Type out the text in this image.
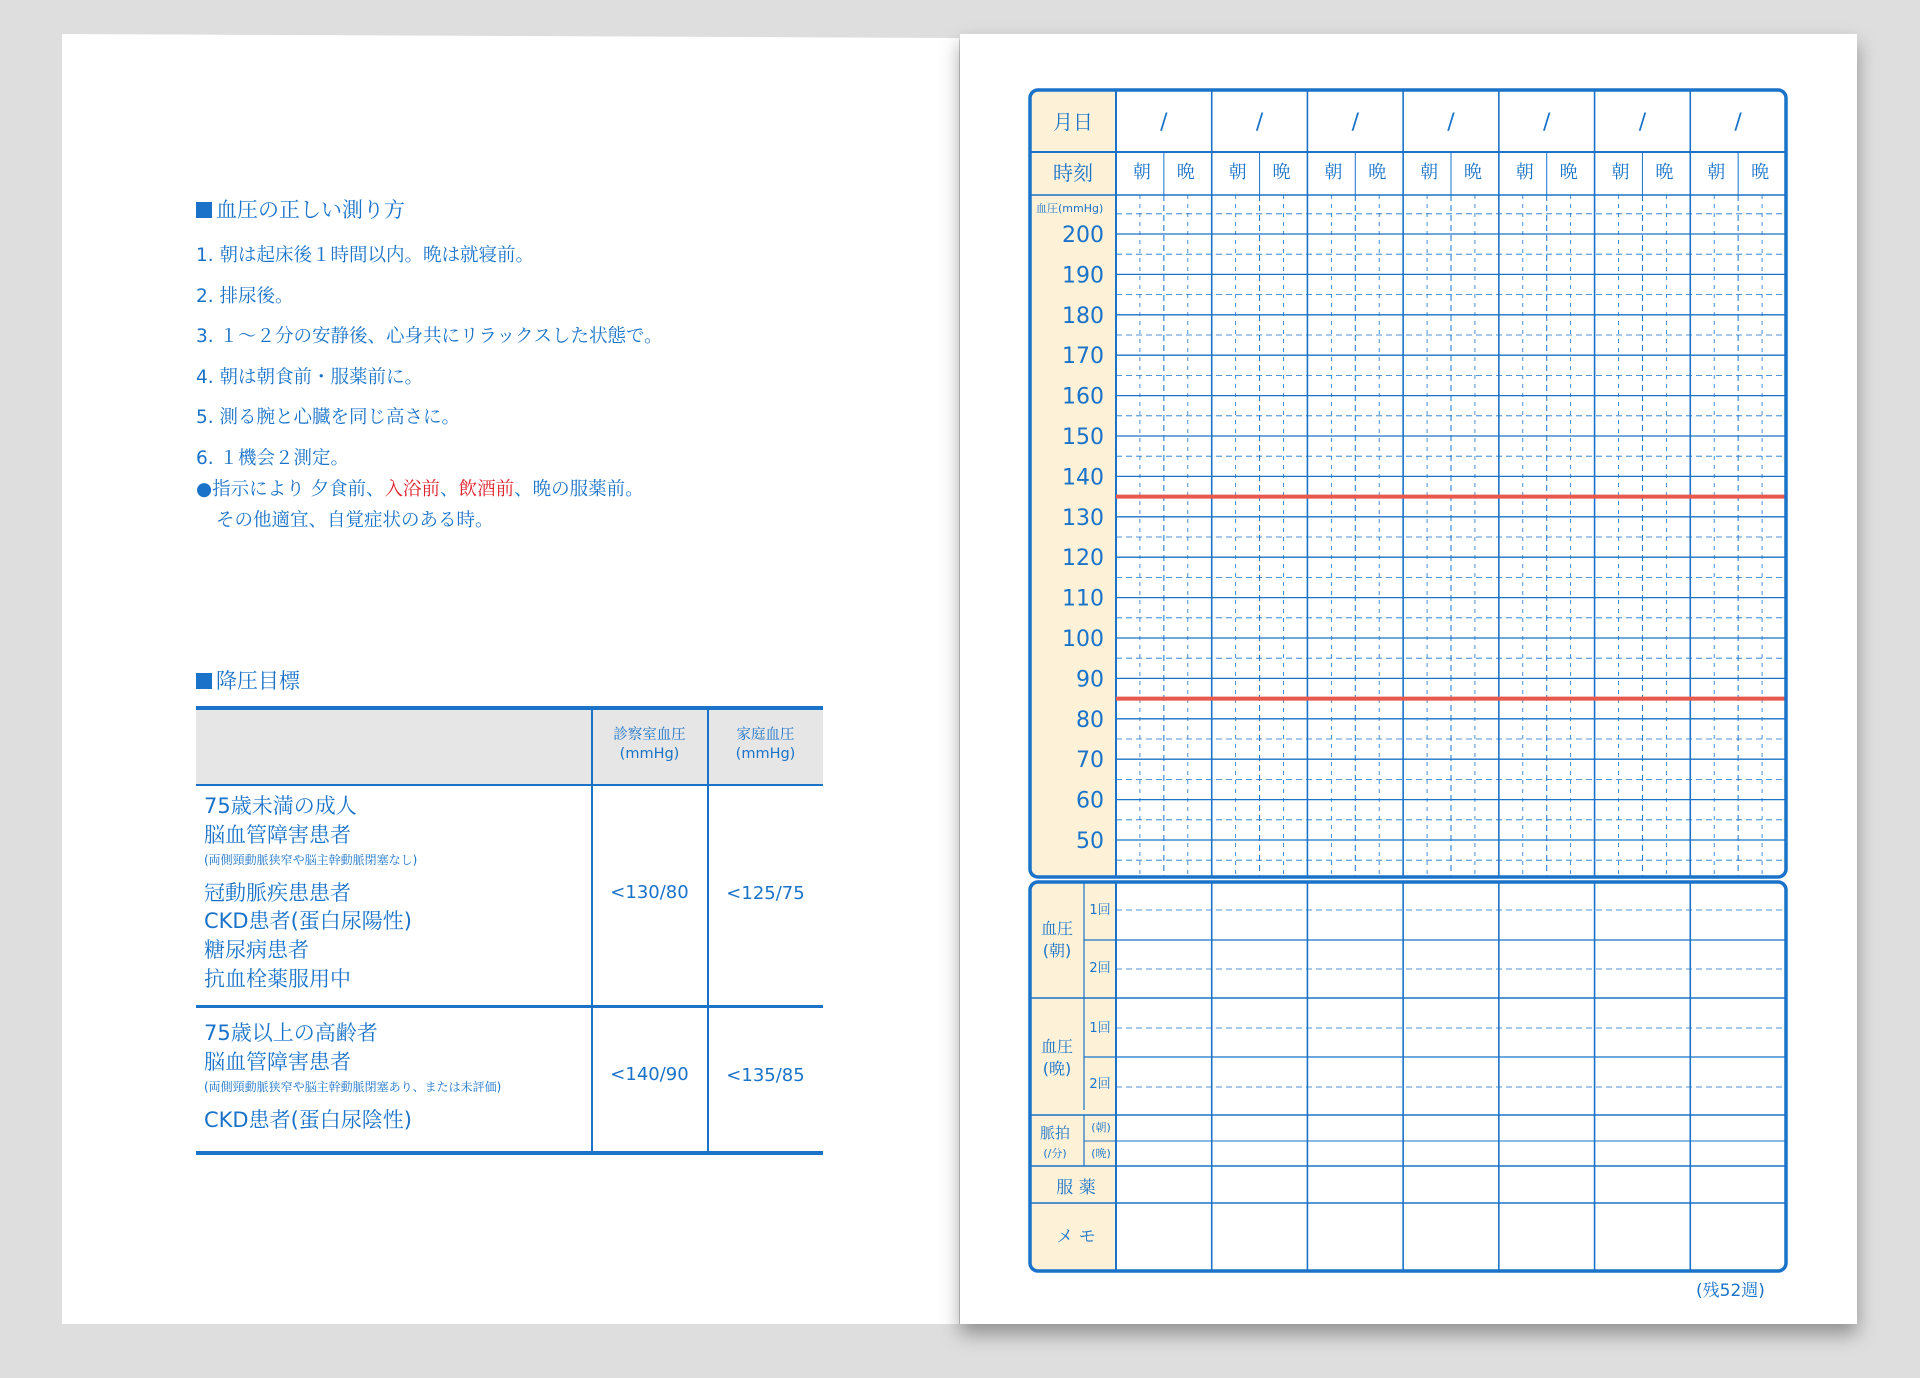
血圧の正しい測り方
1. 朝は起床後１時間以内。晩は就寝前。
2. 排尿後。
3. １～２分の安静後、心身共にリラックスした状態で。
4. 朝は朝食前・服薬前に。
5. 測る腕と心臓を同じ高さに。
6. １機会２測定。
●指示により 夕食前、入浴前、飲酒前、晩の服薬前。
その他適宜、自覚症状のある時。
降圧目標
診察室血圧
(mmHg)
家庭血圧
(mmHg)
75歳未満の成人
脳血管障害患者
(両側頸動脈狭窄や脳主幹動脈閉塞なし)
冠動脈疾患患者
CKD患者(蛋白尿陽性)
糖尿病患者
抗血栓薬服用中
<130/80	<125/75
75歳以上の高齢者
脳血管障害患者
(両側頸動脈狭窄や脳主幹動脈閉塞あり、または未評価)
CKD患者(蛋白尿陰性)
<140/90	<135/85
月日
時刻
血圧(mmHg)
/
朝 晩
/
朝 晩
/
朝 晩
/
朝 晩
/
朝 晩
/
朝 晩
/
朝 晩
200
190
180
170
160
150
140
130
120
110
100
90
80
70
60
50
血圧
(朝)
1回
2回
血圧
(晩)
1回
2回
脈拍
(/分)
(朝)
(晩)
服 薬
メ モ
(残52週)
